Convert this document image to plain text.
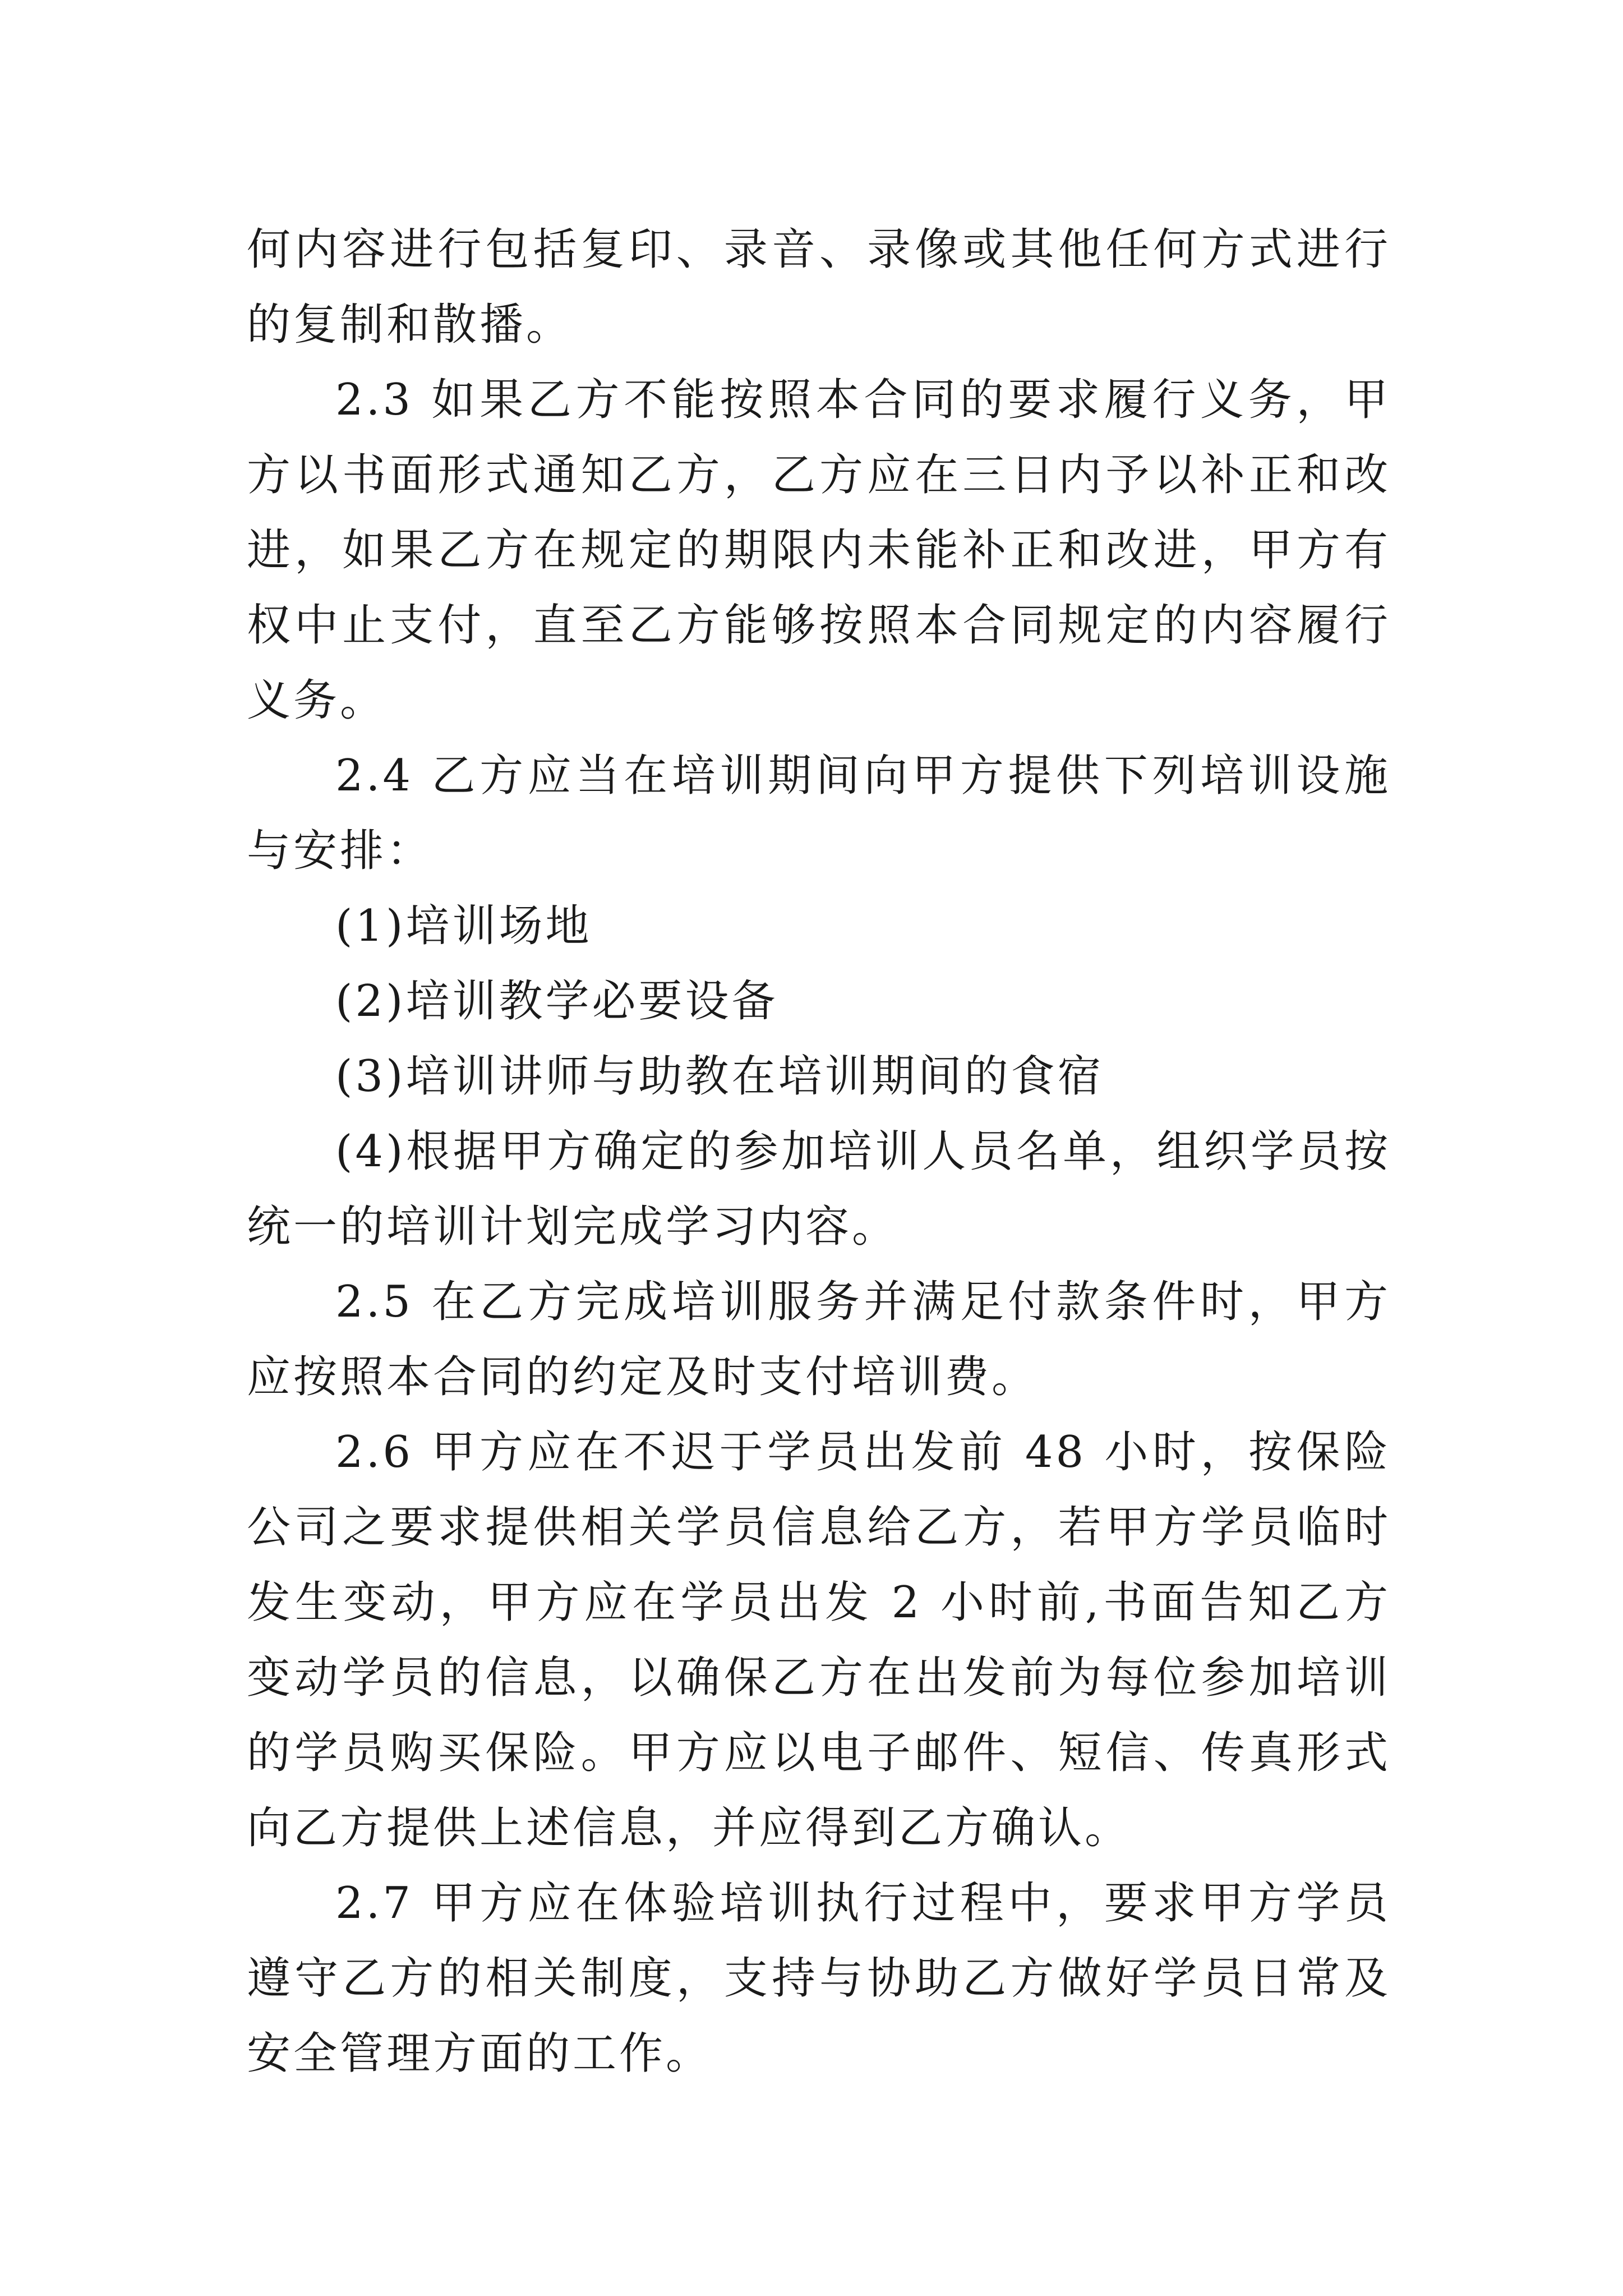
何内容进行包括复印、录音、录像或其他任何方式进行的复制和散播。

2.3 如果乙方不能按照本合同的要求履行义务，甲方以书面形式通知乙方，乙方应在三日内予以补正和改进，如果乙方在规定的期限内未能补正和改进，甲方有权中止支付，直至乙方能够按照本合同规定的内容履行义务。

2.4 乙方应当在培训期间向甲方提供下列培训设施与安排：

(1)培训场地

(2)培训教学必要设备

(3)培训讲师与助教在培训期间的食宿

(4)根据甲方确定的参加培训人员名单，组织学员按统一的培训计划完成学习内容。

2.5 在乙方完成培训服务并满足付款条件时，甲方应按照本合同的约定及时支付培训费。

2.6 甲方应在不迟于学员出发前 48 小时，按保险公司之要求提供相关学员信息给乙方，若甲方学员临时发生变动，甲方应在学员出发 2 小时前,书面告知乙方变动学员的信息，以确保乙方在出发前为每位参加培训的学员购买保险。甲方应以电子邮件、短信、传真形式向乙方提供上述信息，并应得到乙方确认。

2.7 甲方应在体验培训执行过程中，要求甲方学员遵守乙方的相关制度，支持与协助乙方做好学员日常及安全管理方面的工作。
